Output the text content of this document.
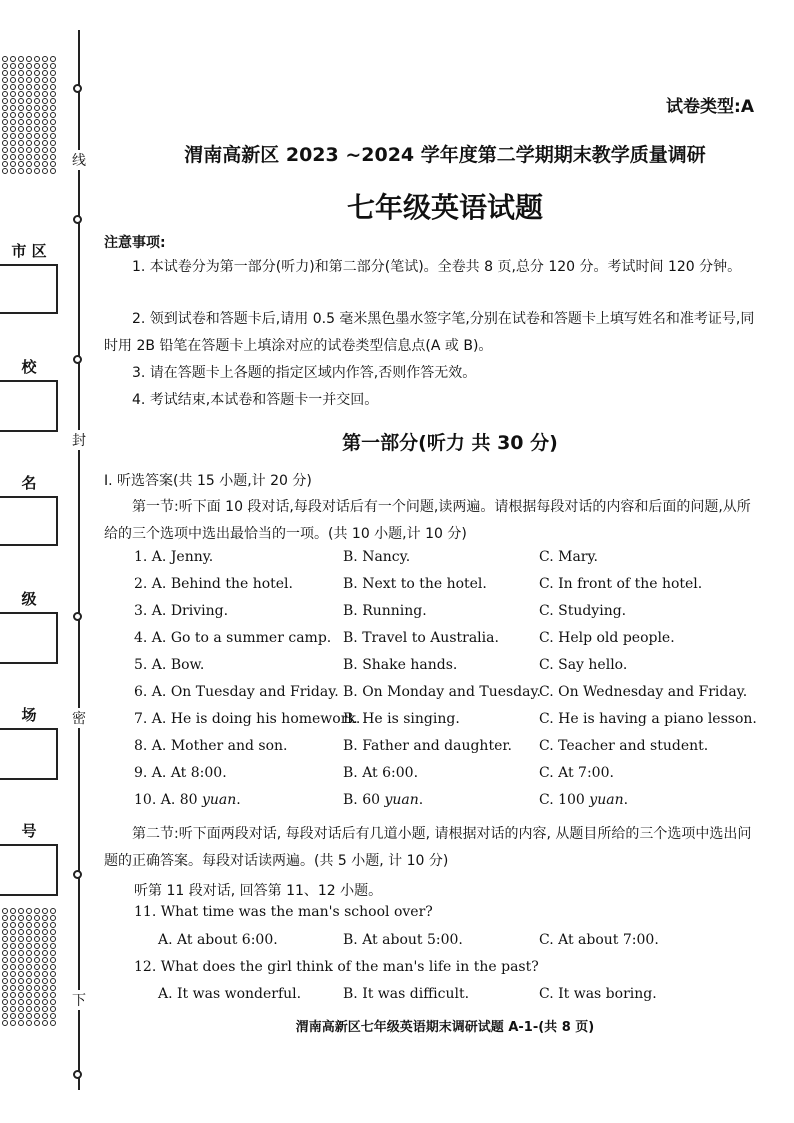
线
封
密
下
市 区
校
名
级
场
号
试卷类型:A
渭南高新区 2023 ~2024 学年度第二学期期末教学质量调研
七年级英语试题
注意事项:
1. 本试卷分为第一部分(听力)和第二部分(笔试)。全卷共 8 页,总分 120 分。考试时间 120 分钟。
2. 领到试卷和答题卡后,请用 0.5 毫米黑色墨水签字笔,分别在试卷和答题卡上填写姓名和准考证号,同时用 2B 铅笔在答题卡上填涂对应的试卷类型信息点(A 或 B)。
3. 请在答题卡上各题的指定区域内作答,否则作答无效。
4. 考试结束,本试卷和答题卡一并交回。
第一部分(听力 共 30 分)
Ⅰ. 听选答案(共 15 小题,计 20 分)
第一节:听下面 10 段对话,每段对话后有一个问题,读两遍。请根据每段对话的内容和后面的问题,从所给的三个选项中选出最恰当的一项。(共 10 小题,计 10 分)
1. A. Jenny.	B. Nancy.	C. Mary.
2. A. Behind the hotel.	B. Next to the hotel.	C. In front of the hotel.
3. A. Driving.	B. Running.	C. Studying.
4. A. Go to a summer camp. B. Travel to Australia.	C. Help old people.
5. A. Bow.	B. Shake hands.	C. Say hello.
6. A. On Tuesday and Friday. B. On Monday and Tuesday.
C. On Wednesday and Friday.
7. A. He is doing his homework.
B. He is singing.	C. He is having a piano lesson.
8. A. Mother and son.	B. Father and daughter. C. Teacher and student.
9. A. At 8:00.	B. At 6:00.	C. At 7:00.
10. A. 80 yuan.	B. 60 yuan.	C. 100 yuan.
第二节:听下面两段对话, 每段对话后有几道小题, 请根据对话的内容, 从题目所给的三个选项中选出问题的正确答案。每段对话读两遍。(共 5 小题, 计 10 分)
听第 11 段对话, 回答第 11、12 小题。
11. What time was the man's school over?
A. At about 6:00.	B. At about 5:00.	C. At about 7:00.
12. What does the girl think of the man's life in the past?
A. It was wonderful.	B. It was difficult.	C. It was boring.
渭南高新区七年级英语期末调研试题 A-1-(共 8 页)
